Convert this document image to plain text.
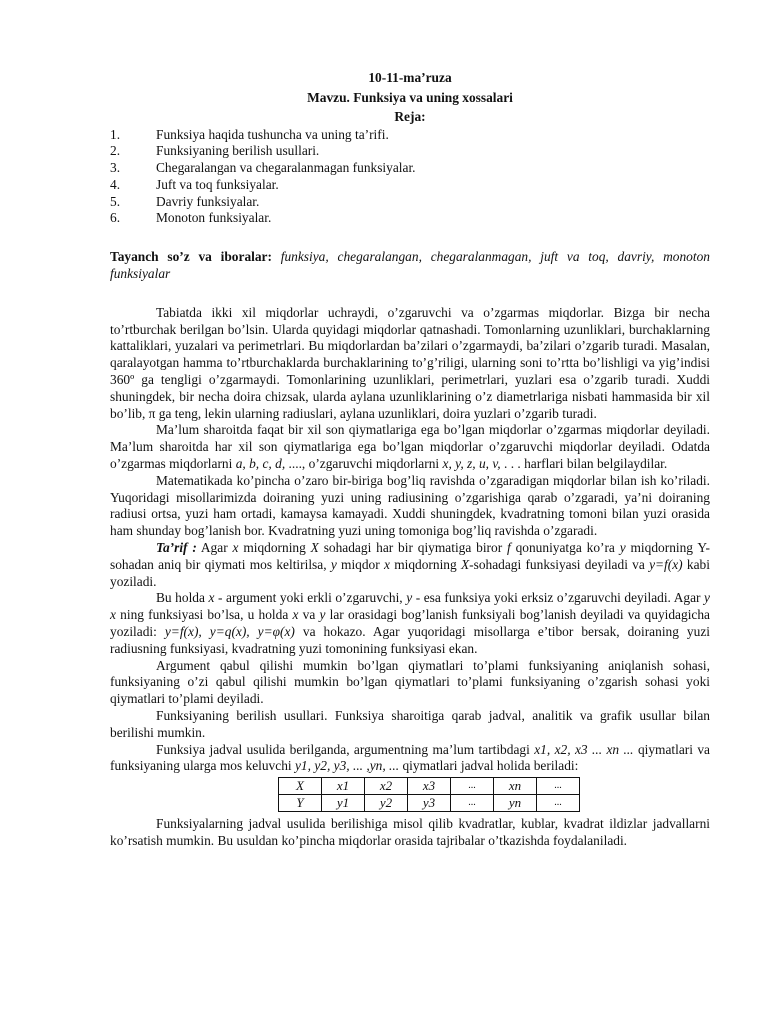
10-11-ma’ruza
Mavzu. Funksiya va uning xossalari
Reja:
1.	Funksiya haqida tushuncha va uning ta’rifi.
2.	Funksiyaning berilish usullari.
3.	Chegaralangan va chegaralanmagan funksiyalar.
4.	Juft va toq funksiyalar.
5.	Davriy funksiyalar.
6.	Monoton funksiyalar.
Tayanch so’z va iboralar: funksiya, chegaralangan, chegaralanmagan, juft va toq, davriy, monoton funksiyalar

Tabiatda ikki xil miqdorlar uchraydi, o’zgaruvchi va o’zgarmas miqdorlar. Bizga bir necha to’rtburchak berilgan bo’lsin. Ularda quyidagi miqdorlar qatnashadi. Tomonlarning uzunliklari, burchaklarning kattaliklari, yuzalari va perimetrlari. Bu miqdorlardan ba’zilari o’zgarmaydi, ba’zilari o’zgarib turadi. Masalan, qaralayotgan hamma to’rtburchaklarda burchaklarining to’g’riligi, ularning soni to’rtta bo’lishligi va yig’indisi 360º ga tengligi o’zgarmaydi. Tomonlarining uzunliklari, perimetrlari, yuzlari esa o’zgarib turadi. Xuddi shuningdek, bir necha doira chizsak, ularda aylana uzunliklarining o’z diametrlariga nisbati hammasida bir xil bo’lib, π ga teng, lekin ularning radiuslari, aylana uzunliklari, doira yuzlari o’zgarib turadi.

Ma’lum sharoitda faqat bir xil son qiymatlariga ega bo’lgan miqdorlar o’zgarmas miqdorlar deyiladi. Ma’lum sharoitda har xil son qiymatlariga ega bo’lgan miqdorlar o’zgaruvchi miqdorlar deyiladi. Odatda o’zgarmas miqdorlarni a, b, c, d, ...., o’zgaruvchi miqdorlarni x, y, z, u, v, . . . harflari bilan belgilaydilar.

Matematikada ko’pincha o’zaro bir-biriga bog’liq ravishda o’zgaradigan miqdorlar bilan ish ko’riladi. Yuqoridagi misollarimizda doiraning yuzi uning radiusining o’zgarishiga qarab o’zgaradi, ya’ni doiraning radiusi ortsa, yuzi ham ortadi, kamaysa kamayadi. Xuddi shuningdek, kvadratning tomoni bilan yuzi orasida ham shunday bog’lanish bor. Kvadratning yuzi uning tomoniga bog’liq ravishda o’zgaradi.

Ta’rif : Agar x miqdorning X sohadagi har bir qiymatiga biror f qonuniyatga ko’ra y miqdorning Y-sohadan aniq bir qiymati mos keltirilsa, y miqdor x miqdorning X-sohadagi funksiyasi deyiladi va y=f(x) kabi yoziladi.

Bu holda x - argument yoki erkli o’zgaruvchi, y - esa funksiya yoki erksiz o’zgaruvchi deyiladi. Agar y x ning funksiyasi bo’lsa, u holda x va y lar orasidagi bog’lanish funksiyali bog’lanish deyiladi va quyidagicha yoziladi: y=f(x), y=q(x), y=φ(x) va hokazo. Agar yuqoridagi misollarga e’tibor bersak, doiraning yuzi radiusning funksiyasi, kvadratning yuzi tomonining funksiyasi ekan.

Argument qabul qilishi mumkin bo’lgan qiymatlari to’plami funksiyaning aniqlanish sohasi, funksiyaning o’zi qabul qilishi mumkin bo’lgan qiymatlari to’plami funksiyaning o’zgarish sohasi yoki qiymatlari to’plami deyiladi.

Funksiyaning berilish usullari. Funksiya sharoitiga qarab jadval, analitik va grafik usullar bilan berilishi mumkin.

Funksiya jadval usulida berilganda, argumentning ma’lum tartibdagi x1, x2, x3 ... xn ... qiymatlari va funksiyaning ularga mos keluvchi y1, y2, y3, ... ,yn, ... qiymatlari jadval holida beriladi:

X	x1	x2	x3	...	xn	...
Y	y1	y2	y3	...	yn	...

Funksiyalarning jadval usulida berilishiga misol qilib kvadratlar, kublar, kvadrat ildizlar jadvallarni ko’rsatish mumkin. Bu usuldan ko’pincha miqdorlar orasida tajribalar o’tkazishda foydalaniladi.
